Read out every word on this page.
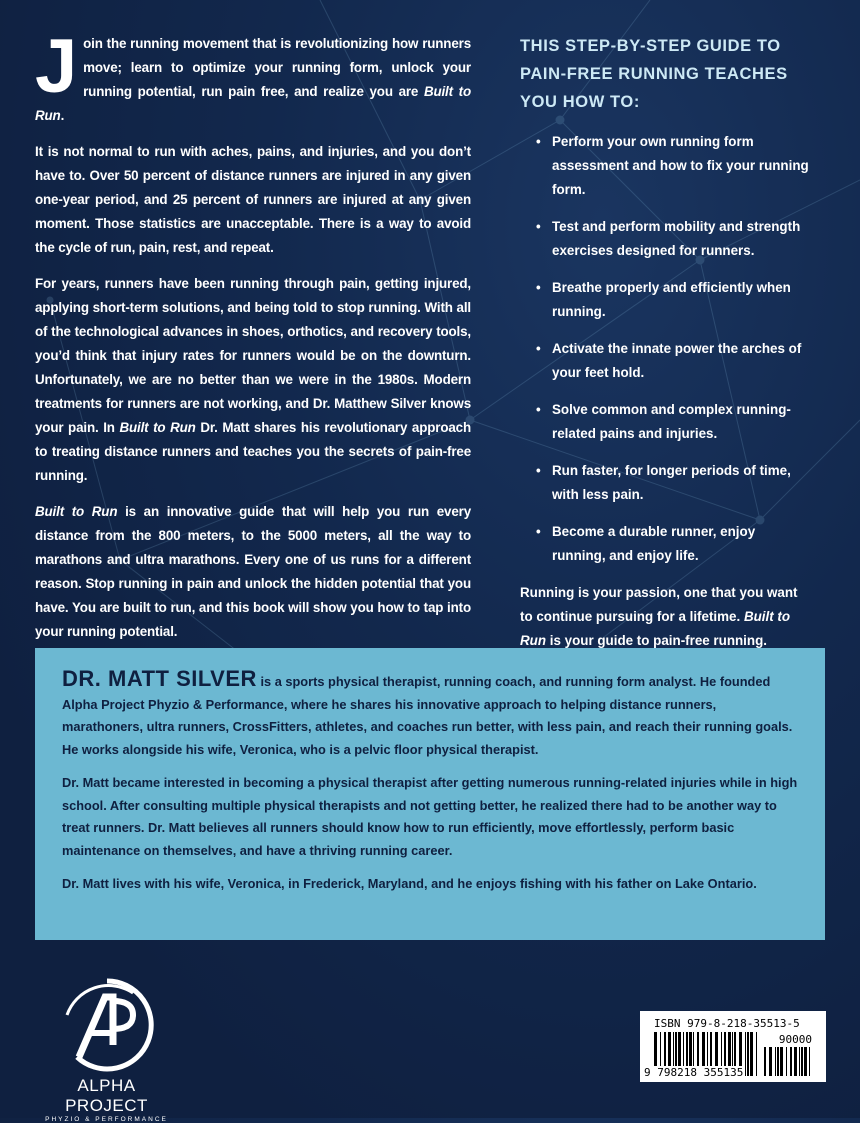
J oin the running movement that is revolutionizing how runners move; learn to optimize your running form, unlock your running potential, run pain free, and realize you are Built to Run.

It is not normal to run with aches, pains, and injuries, and you don’t have to. Over 50 percent of distance runners are injured in any given one-year period, and 25 percent of runners are injured at any given moment. Those statistics are unacceptable. There is a way to avoid the cycle of run, pain, rest, and repeat.

For years, runners have been running through pain, getting injured, applying short-term solutions, and being told to stop running. With all of the technological advances in shoes, orthotics, and recovery tools, you’d think that injury rates for runners would be on the downturn. Unfortunately, we are no better than we were in the 1980s. Modern treatments for runners are not working, and Dr. Matthew Silver knows your pain. In Built to Run Dr. Matt shares his revolutionary approach to treating distance runners and teaches you the secrets of pain-free running.

Built to Run is an innovative guide that will help you run every distance from the 800 meters, to the 5000 meters, all the way to marathons and ultra marathons. Every one of us runs for a different reason. Stop running in pain and unlock the hidden potential that you have. You are built to run, and this book will show you how to tap into your running potential.

THIS STEP-BY-STEP GUIDE TO PAIN-FREE RUNNING TEACHES YOU HOW TO:
• Perform your own running form assessment and how to fix your running form.
• Test and perform mobility and strength exercises designed for runners.
• Breathe properly and efficiently when running.
• Activate the innate power the arches of your feet hold.
• Solve common and complex running-related pains and injuries.
• Run faster, for longer periods of time, with less pain.
• Become a durable runner, enjoy running, and enjoy life.

Running is your passion, one that you want to continue pursuing for a lifetime. Built to Run is your guide to pain-free running.

DR. MATT SILVER is a sports physical therapist, running coach, and running form analyst. He founded Alpha Project Phyzio & Performance, where he shares his innovative approach to helping distance runners, marathoners, ultra runners, CrossFitters, athletes, and coaches run better, with less pain, and reach their running goals. He works alongside his wife, Veronica, who is a pelvic floor physical therapist.

Dr. Matt became interested in becoming a physical therapist after getting numerous running-related injuries while in high school. After consulting multiple physical therapists and not getting better, he realized there had to be another way to treat runners. Dr. Matt believes all runners should know how to run efficiently, move effortlessly, perform basic maintenance on themselves, and have a thriving running career.

Dr. Matt lives with his wife, Veronica, in Frederick, Maryland, and he enjoys fishing with his father on Lake Ontario.

ALPHA PROJECT
PHYZIO & PERFORMANCE
ISBN 979-8-218-35513-5
90000
9 798218 355135
